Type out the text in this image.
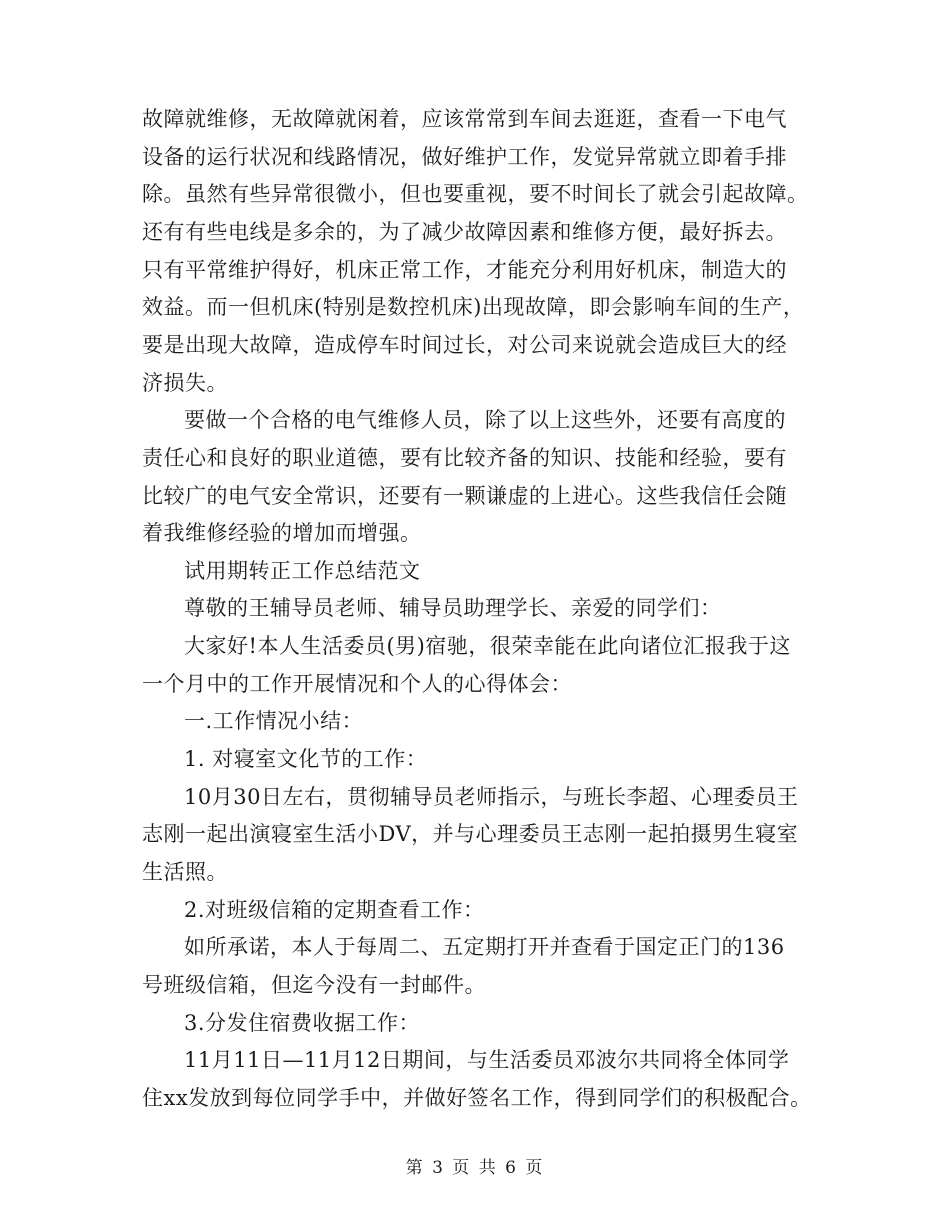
故障就维修，无故障就闲着，应该常常到车间去逛逛，查看一下电气
设备的运行状况和线路情况，做好维护工作，发觉异常就立即着手排
除。虽然有些异常很微小，但也要重视，要不时间长了就会引起故障。
还有有些电线是多余的，为了减少故障因素和维修方便，最好拆去。
只有平常维护得好，机床正常工作，才能充分利用好机床，制造大的
效益。而一但机床(特别是数控机床)出现故障，即会影响车间的生产，
要是出现大故障，造成停车时间过长，对公司来说就会造成巨大的经
济损失。
要做一个合格的电气维修人员，除了以上这些外，还要有高度的
责任心和良好的职业道德，要有比较齐备的知识、技能和经验，要有
比较广的电气安全常识，还要有一颗谦虚的上进心。这些我信任会随
着我维修经验的增加而增强。
试用期转正工作总结范文
尊敬的王辅导员老师、辅导员助理学长、亲爱的同学们：
大家好!本人生活委员(男)宿驰，很荣幸能在此向诸位汇报我于这
一个月中的工作开展情况和个人的心得体会：
一.工作情况小结：
1. 对寝室文化节的工作：
10月30日左右，贯彻辅导员老师指示，与班长李超、心理委员王
志刚一起出演寝室生活小DV，并与心理委员王志刚一起拍摄男生寝室
生活照。
2.对班级信箱的定期查看工作：
如所承诺，本人于每周二、五定期打开并查看于国定正门的136
号班级信箱，但迄今没有一封邮件。
3.分发住宿费收据工作：
11月11日—11月12日期间，与生活委员邓波尔共同将全体同学
住xx发放到每位同学手中，并做好签名工作，得到同学们的积极配合。
第 3 页 共 6 页
